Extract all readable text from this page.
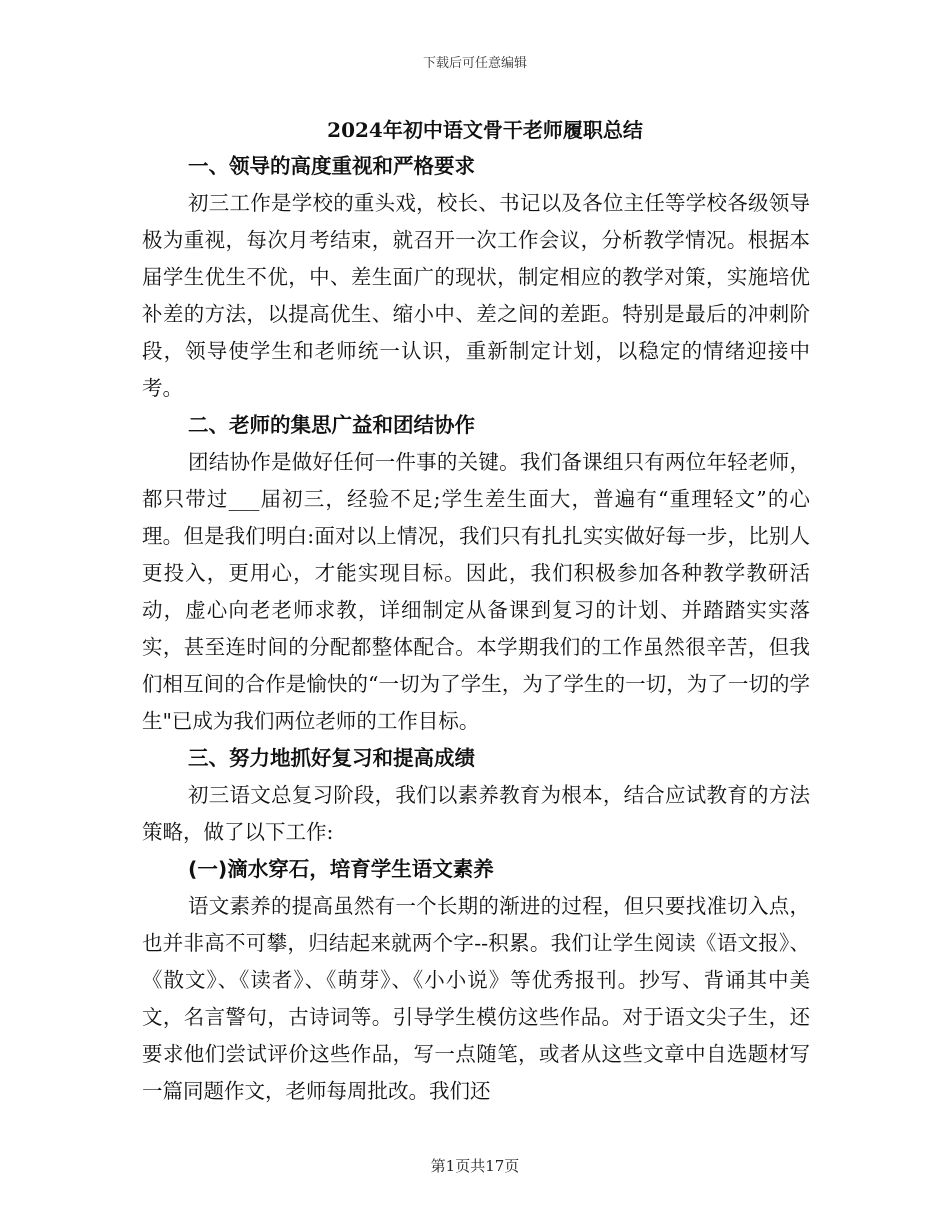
下载后可任意编辑
2024年初中语文骨干老师履职总结
一、领导的高度重视和严格要求

初三工作是学校的重头戏，校长、书记以及各位主任等学校各级领导极为重视，每次月考结束，就召开一次工作会议，分析教学情况。根据本届学生优生不优，中、差生面广的现状，制定相应的教学对策，实施培优补差的方法，以提高优生、缩小中、差之间的差距。特别是最后的冲刺阶段，领导使学生和老师统一认识，重新制定计划，以稳定的情绪迎接中考。

二、老师的集思广益和团结协作

团结协作是做好任何一件事的关键。我们备课组只有两位年轻老师，都只带过___届初三，经验不足;学生差生面大，普遍有“重理轻文”的心理。但是我们明白:面对以上情况，我们只有扎扎实实做好每一步，比别人更投入，更用心，才能实现目标。因此，我们积极参加各种教学教研活动，虚心向老老师求教，详细制定从备课到复习的计划、并踏踏实实落实，甚至连时间的分配都整体配合。本学期我们的工作虽然很辛苦，但我们相互间的合作是愉快的“一切为了学生，为了学生的一切，为了一切的学生"已成为我们两位老师的工作目标。

三、努力地抓好复习和提高成绩

初三语文总复习阶段，我们以素养教育为根本，结合应试教育的方法策略，做了以下工作:

(一)滴水穿石，培育学生语文素养

语文素养的提高虽然有一个长期的渐进的过程，但只要找准切入点，也并非高不可攀，归结起来就两个字--积累。我们让学生阅读《语文报》、《散文》、《读者》、《萌芽》、《小小说》等优秀报刊。抄写、背诵其中美文，名言警句，古诗词等。引导学生模仿这些作品。对于语文尖子生，还要求他们尝试评价这些作品，写一点随笔，或者从这些文章中自选题材写一篇同题作文，老师每周批改。我们还

第1页共17页
